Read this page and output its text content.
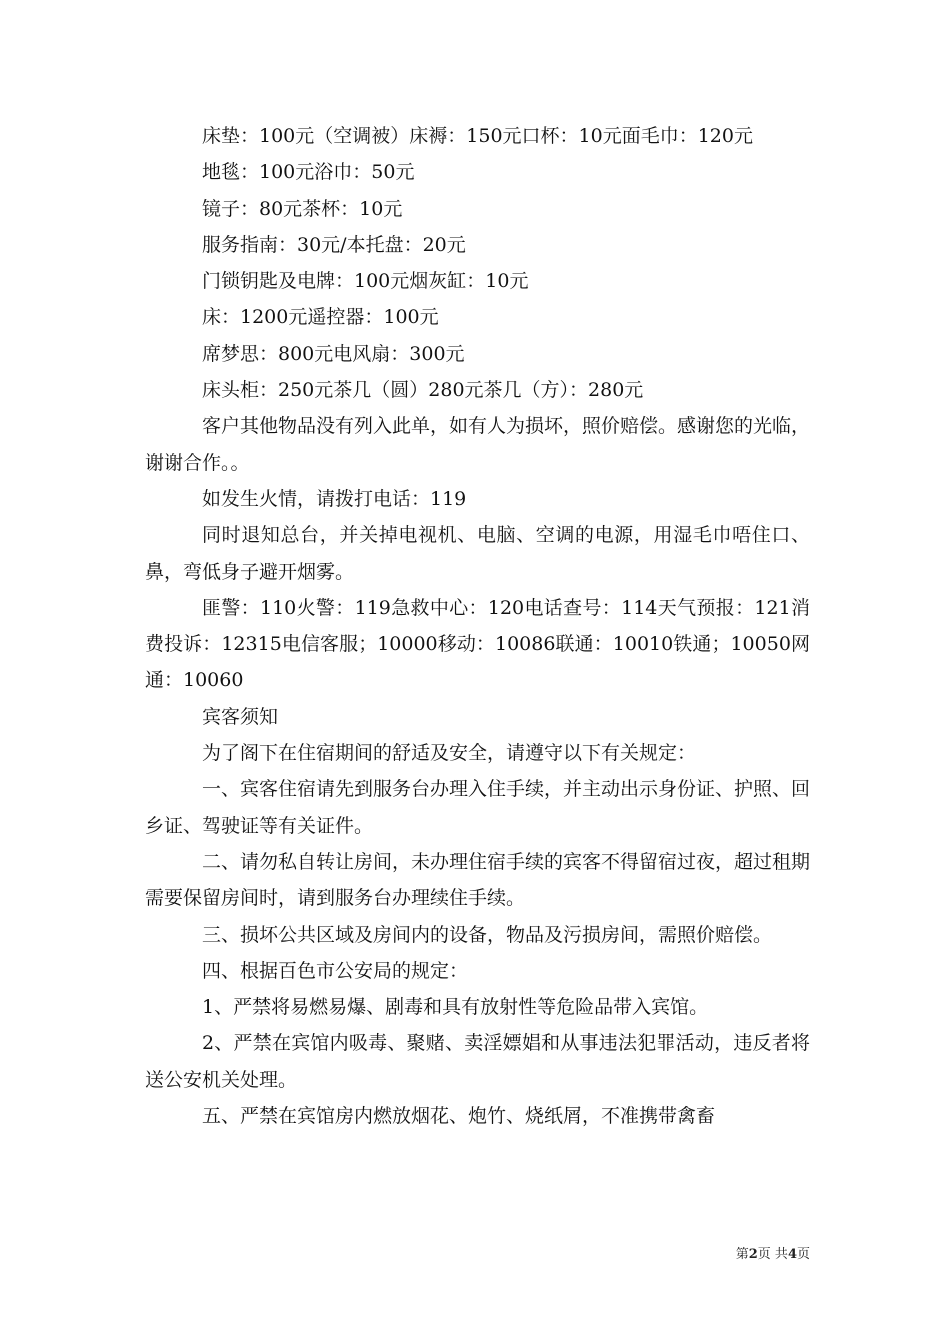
床垫：100元（空调被）床褥：150元口杯：10元面毛巾：120元

地毯：100元浴巾：50元

镜子：80元茶杯：10元

服务指南：30元/本托盘：20元

门锁钥匙及电牌：100元烟灰缸：10元

床：1200元遥控器：100元

席梦思：800元电风扇：300元

床头柜：250元茶几（圆）280元茶几（方）：280元

客户其他物品没有列入此单，如有人为损坏，照价赔偿。感谢您的光临，谢谢合作。。

如发生火情，请拨打电话：119

同时退知总台，并关掉电视机、电脑、空调的电源，用湿毛巾唔住口、鼻，弯低身子避开烟雾。

匪警：110火警：119急救中心：120电话查号：114天气预报：121消费投诉：12315电信客服；10000移动：10086联通：10010铁通；10050网通：10060

宾客须知

为了阁下在住宿期间的舒适及安全，请遵守以下有关规定：

一、宾客住宿请先到服务台办理入住手续，并主动出示身份证、护照、回乡证、驾驶证等有关证件。

二、请勿私自转让房间，未办理住宿手续的宾客不得留宿过夜，超过租期需要保留房间时，请到服务台办理续住手续。

三、损坏公共区域及房间内的设备，物品及污损房间，需照价赔偿。

四、根据百色市公安局的规定：

1、严禁将易燃易爆、剧毒和具有放射性等危险品带入宾馆。

2、严禁在宾馆内吸毒、聚赌、卖淫嫖娼和从事违法犯罪活动，违反者将送公安机关处理。

五、严禁在宾馆房内燃放烟花、炮竹、烧纸屑，不准携带禽畜

第2页 共4页
